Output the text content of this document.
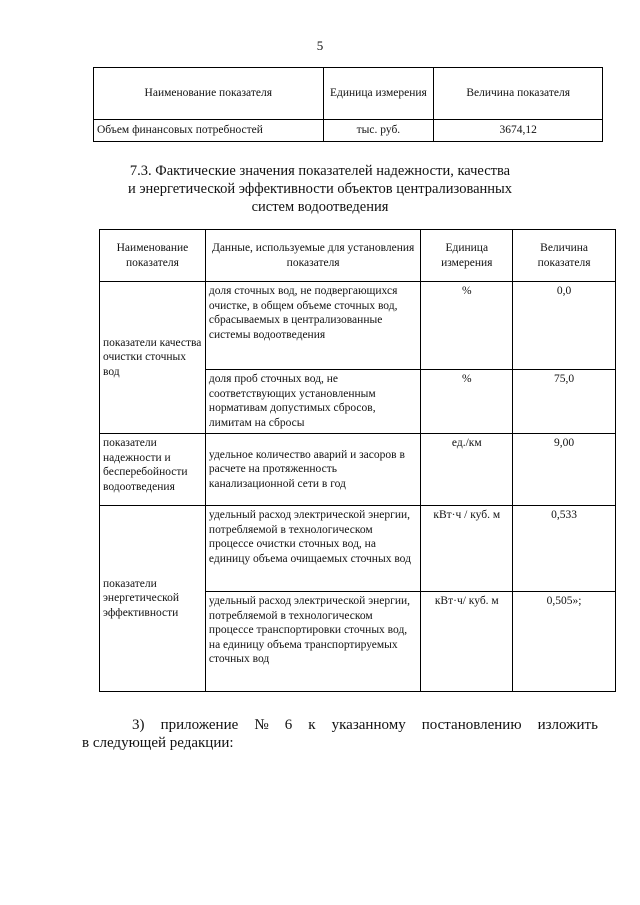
5
Наименование показателя	Единица измерения	Величина показателя
Объем финансовых потребностей	тыс. руб.	3674,12
7.3. Фактические значения показателей надежности, качества
и энергетической эффективности объектов централизованных
систем водоотведения
Наименование показателя	Данные, используемые для установления показателя	Единица измерения	Величина показателя
показатели качества очистки сточных вод	доля сточных вод, не подвергающихся очистке, в общем объеме сточных вод, сбрасываемых в централизованные системы водоотведения	%	0,0
	доля проб сточных вод, не соответствующих установленным нормативам допустимых сбросов, лимитам на сбросы	%	75,0
показатели надежности и бесперебойности водоотведения	удельное количество аварий и засоров в расчете на протяженность канализационной сети в год	ед./км	9,00
показатели энергетической эффективности	удельный расход электрической энергии, потребляемой в технологическом процессе очистки сточных вод, на единицу объема очищаемых сточных вод	кВт·ч / куб. м	0,533
	удельный расход электрической энергии, потребляемой в технологическом процессе транспортировки сточных вод, на единицу объема транспортируемых сточных вод	кВт·ч/ куб. м	0,505»;
3) приложение № 6 к указанному постановлению изложить
в следующей редакции:
